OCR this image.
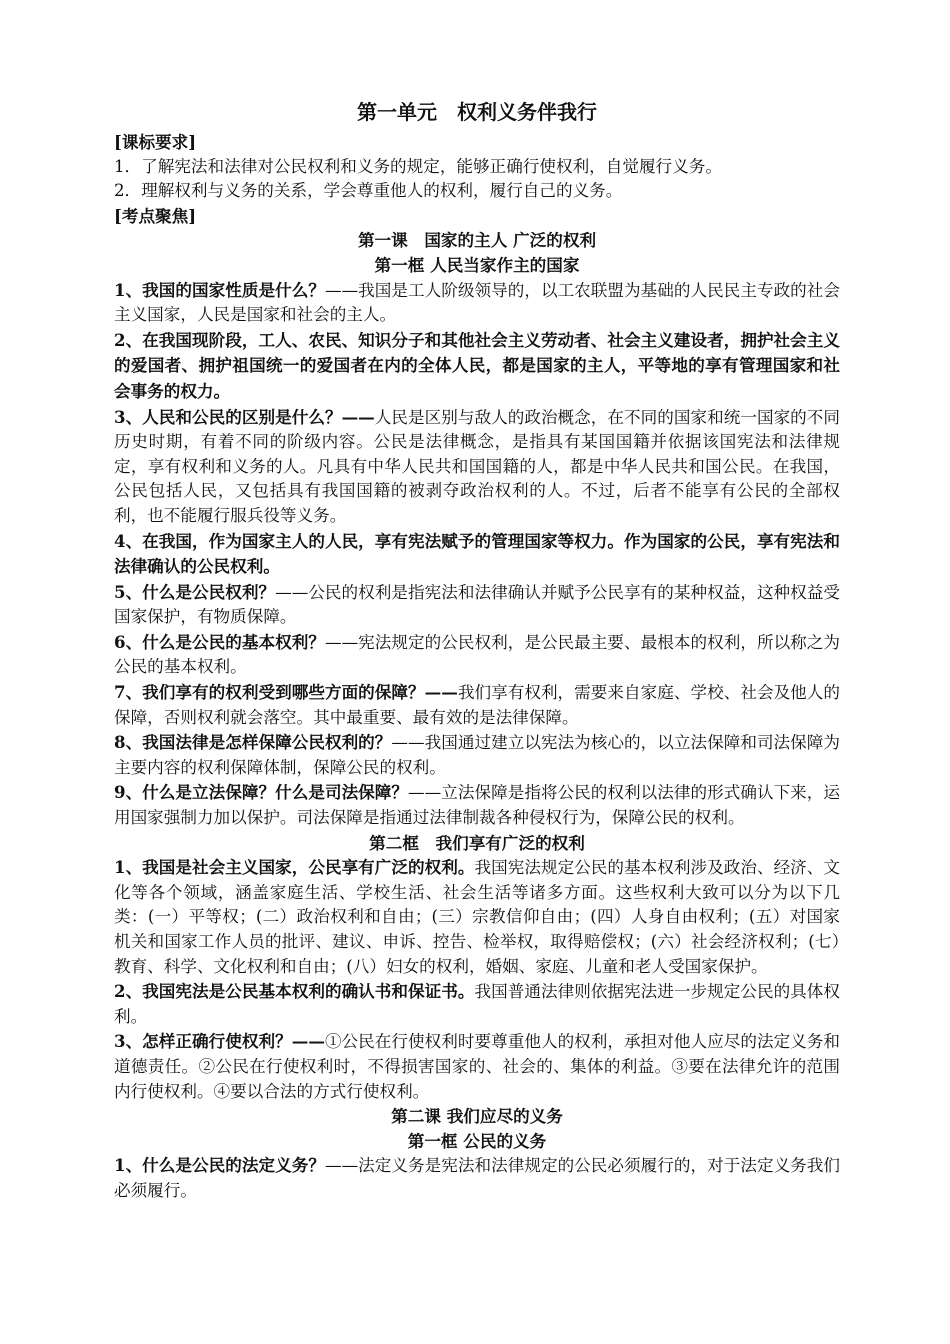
第一单元　权利义务伴我行

[课标要求]

1．了解宪法和法律对公民权利和义务的规定，能够正确行使权利，自觉履行义务。

2．理解权利与义务的关系，学会尊重他人的权利，履行自己的义务。

[考点聚焦]

第一课　国家的主人 广泛的权利

第一框 人民当家作主的国家

1、我国的国家性质是什么？——我国是工人阶级领导的，以工农联盟为基础的人民民主专政的社会主义国家，人民是国家和社会的主人。

2、在我国现阶段，工人、农民、知识分子和其他社会主义劳动者、社会主义建设者，拥护社会主义的爱国者、拥护祖国统一的爱国者在内的全体人民，都是国家的主人，平等地的享有管理国家和社会事务的权力。

3、人民和公民的区别是什么？——人民是区别与敌人的政治概念，在不同的国家和统一国家的不同历史时期，有着不同的阶级内容。公民是法律概念，是指具有某国国籍并依据该国宪法和法律规定，享有权利和义务的人。凡具有中华人民共和国国籍的人，都是中华人民共和国公民。在我国，公民包括人民，又包括具有我国国籍的被剥夺政治权利的人。不过，后者不能享有公民的全部权利，也不能履行服兵役等义务。

4、在我国，作为国家主人的人民，享有宪法赋予的管理国家等权力。作为国家的公民，享有宪法和法律确认的公民权利。

5、什么是公民权利？——公民的权利是指宪法和法律确认并赋予公民享有的某种权益，这种权益受国家保护，有物质保障。

6、什么是公民的基本权利？——宪法规定的公民权利，是公民最主要、最根本的权利，所以称之为公民的基本权利。

7、我们享有的权利受到哪些方面的保障？——我们享有权利，需要来自家庭、学校、社会及他人的保障，否则权利就会落空。其中最重要、最有效的是法律保障。

8、我国法律是怎样保障公民权利的？——我国通过建立以宪法为核心的，以立法保障和司法保障为主要内容的权利保障体制，保障公民的权利。

9、什么是立法保障？什么是司法保障？——立法保障是指将公民的权利以法律的形式确认下来，运用国家强制力加以保护。司法保障是指通过法律制裁各种侵权行为，保障公民的权利。

第二框　我们享有广泛的权利

1、我国是社会主义国家，公民享有广泛的权利。我国宪法规定公民的基本权利涉及政治、经济、文化等各个领域，涵盖家庭生活、学校生活、社会生活等诸多方面。这些权利大致可以分为以下几类：(一）平等权；(二）政治权利和自由；(三）宗教信仰自由；(四）人身自由权利；(五）对国家机关和国家工作人员的批评、建议、申诉、控告、检举权，取得赔偿权；(六）社会经济权利；(七）教育、科学、文化权利和自由；(八）妇女的权利，婚姻、家庭、儿童和老人受国家保护。

2、我国宪法是公民基本权利的确认书和保证书。我国普通法律则依据宪法进一步规定公民的具体权利。

3、怎样正确行使权利？——①公民在行使权利时要尊重他人的权利，承担对他人应尽的法定义务和道德责任。②公民在行使权利时，不得损害国家的、社会的、集体的利益。③要在法律允许的范围内行使权利。④要以合法的方式行使权利。

第二课 我们应尽的义务

第一框 公民的义务

1、什么是公民的法定义务？——法定义务是宪法和法律规定的公民必须履行的，对于法定义务我们必须履行。
